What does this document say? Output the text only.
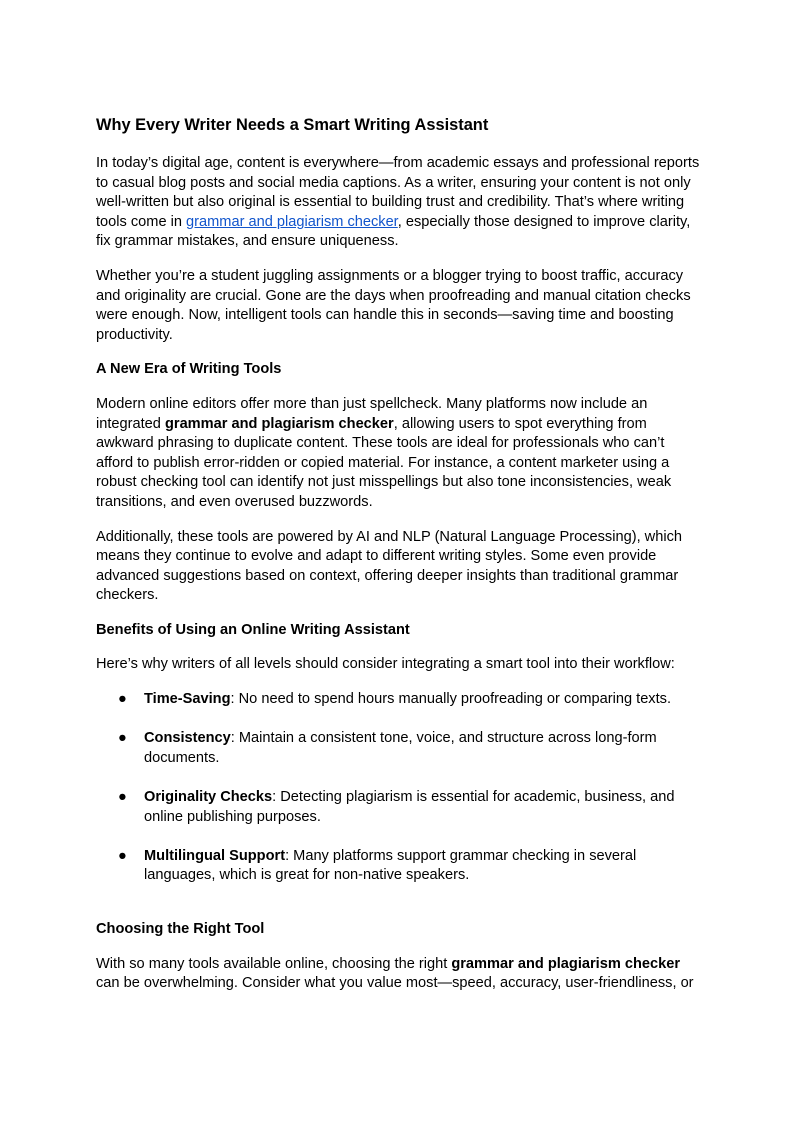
Why Every Writer Needs a Smart Writing Assistant

In today’s digital age, content is everywhere—from academic essays and professional reports to casual blog posts and social media captions. As a writer, ensuring your content is not only well-written but also original is essential to building trust and credibility. That’s where writing tools come in grammar and plagiarism checker, especially those designed to improve clarity, fix grammar mistakes, and ensure uniqueness.

Whether you’re a student juggling assignments or a blogger trying to boost traffic, accuracy and originality are crucial. Gone are the days when proofreading and manual citation checks were enough. Now, intelligent tools can handle this in seconds—saving time and boosting productivity.

A New Era of Writing Tools

Modern online editors offer more than just spellcheck. Many platforms now include an integrated grammar and plagiarism checker, allowing users to spot everything from awkward phrasing to duplicate content. These tools are ideal for professionals who can’t afford to publish error-ridden or copied material. For instance, a content marketer using a robust checking tool can identify not just misspellings but also tone inconsistencies, weak transitions, and even overused buzzwords.

Additionally, these tools are powered by AI and NLP (Natural Language Processing), which means they continue to evolve and adapt to different writing styles. Some even provide advanced suggestions based on context, offering deeper insights than traditional grammar checkers.

Benefits of Using an Online Writing Assistant

Here’s why writers of all levels should consider integrating a smart tool into their workflow:

● Time-Saving: No need to spend hours manually proofreading or comparing texts.
● Consistency: Maintain a consistent tone, voice, and structure across long-form documents.
● Originality Checks: Detecting plagiarism is essential for academic, business, and online publishing purposes.
● Multilingual Support: Many platforms support grammar checking in several languages, which is great for non-native speakers.
Choosing the Right Tool

With so many tools available online, choosing the right grammar and plagiarism checker can be overwhelming. Consider what you value most—speed, accuracy, user-friendliness, or
